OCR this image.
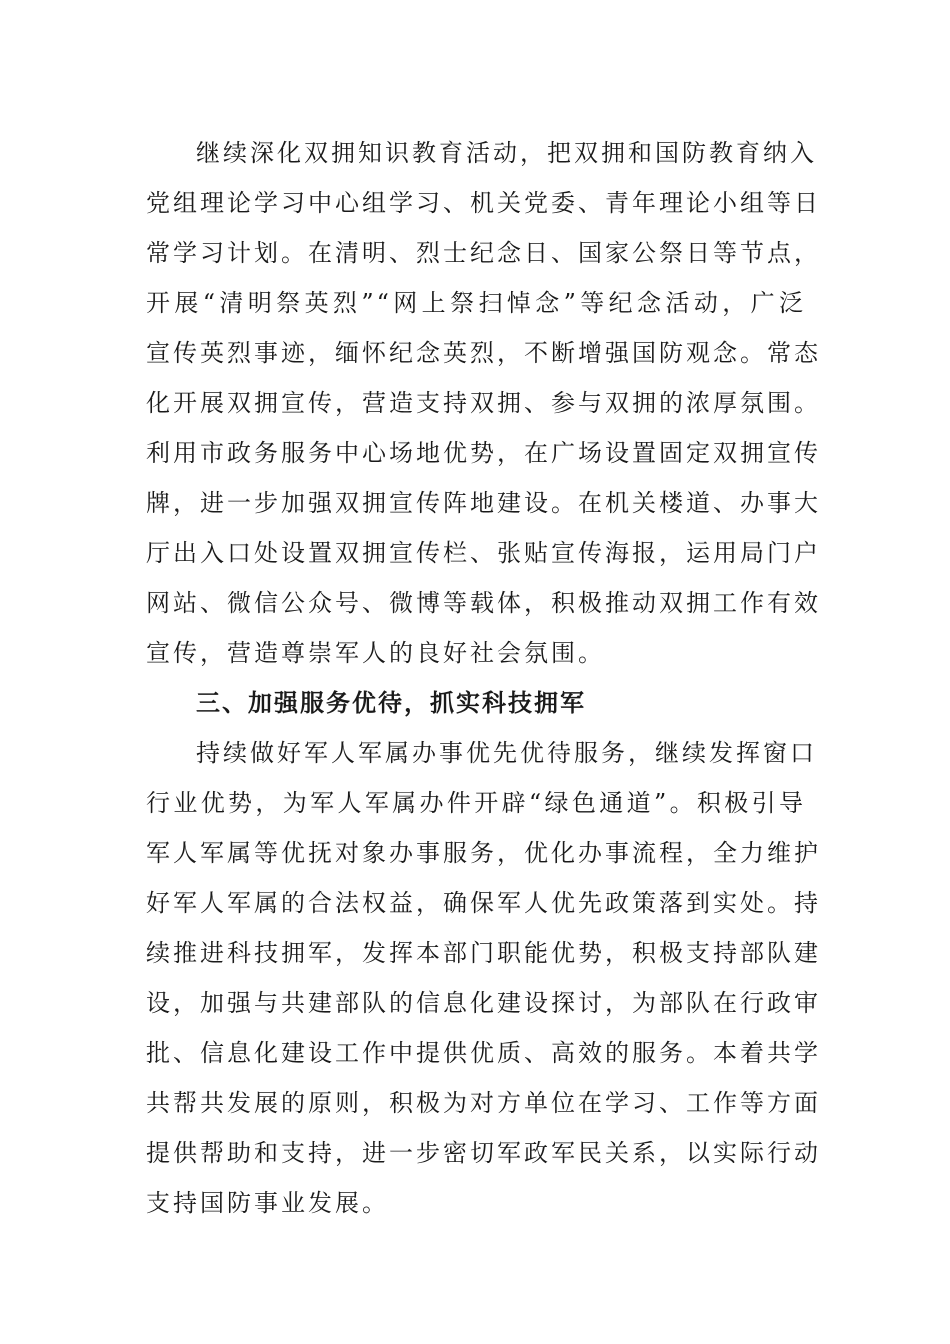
继续深化双拥知识教育活动，把双拥和国防教育纳入
党组理论学习中心组学习、机关党委、青年理论小组等日
常学习计划。在清明、烈士纪念日、国家公祭日等节点，
开展“清明祭英烈”“网上祭扫悼念”等纪念活动，广泛
宣传英烈事迹，缅怀纪念英烈，不断增强国防观念。常态
化开展双拥宣传，营造支持双拥、参与双拥的浓厚氛围。
利用市政务服务中心场地优势，在广场设置固定双拥宣传
牌，进一步加强双拥宣传阵地建设。在机关楼道、办事大
厅出入口处设置双拥宣传栏、张贴宣传海报，运用局门户
网站、微信公众号、微博等载体，积极推动双拥工作有效
宣传，营造尊崇军人的良好社会氛围。
三、加强服务优待，抓实科技拥军
持续做好军人军属办事优先优待服务，继续发挥窗口
行业优势，为军人军属办件开辟“绿色通道”。积极引导
军人军属等优抚对象办事服务，优化办事流程，全力维护
好军人军属的合法权益，确保军人优先政策落到实处。持
续推进科技拥军，发挥本部门职能优势，积极支持部队建
设，加强与共建部队的信息化建设探讨，为部队在行政审
批、信息化建设工作中提供优质、高效的服务。本着共学
共帮共发展的原则，积极为对方单位在学习、工作等方面
提供帮助和支持，进一步密切军政军民关系，以实际行动
支持国防事业发展。
